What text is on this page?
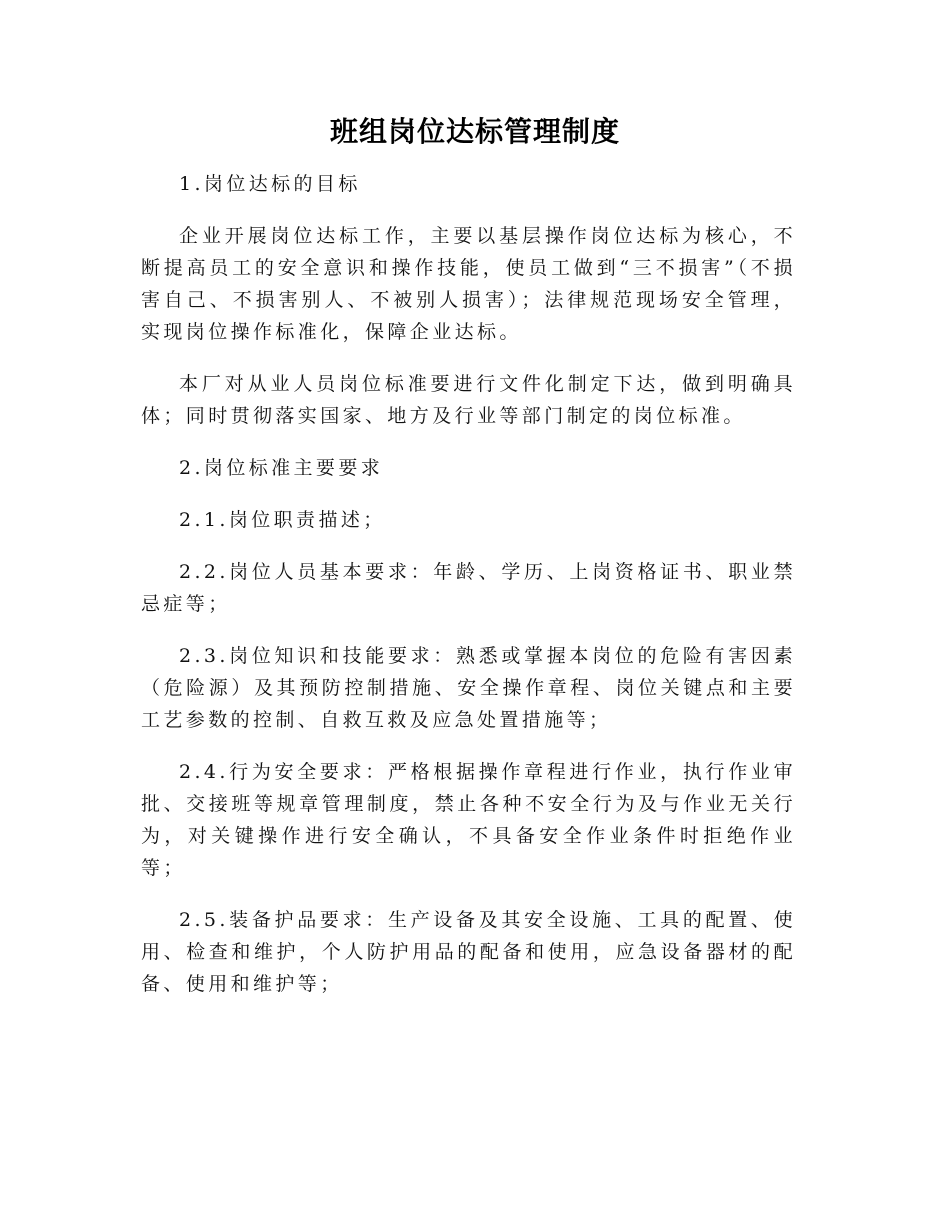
班组岗位达标管理制度

1.岗位达标的目标

企业开展岗位达标工作，主要以基层操作岗位达标为核心，不断提高员工的安全意识和操作技能，使员工做到“三不损害”（不损害自己、不损害别人、不被别人损害）；法律规范现场安全管理，实现岗位操作标准化，保障企业达标。

本厂对从业人员岗位标准要进行文件化制定下达，做到明确具体；同时贯彻落实国家、地方及行业等部门制定的岗位标准。

2.岗位标准主要要求

2.1.岗位职责描述；

2.2.岗位人员基本要求：年龄、学历、上岗资格证书、职业禁忌症等；

2.3.岗位知识和技能要求：熟悉或掌握本岗位的危险有害因素（危险源）及其预防控制措施、安全操作章程、岗位关键点和主要工艺参数的控制、自救互救及应急处置措施等；

2.4.行为安全要求：严格根据操作章程进行作业，执行作业审批、交接班等规章管理制度，禁止各种不安全行为及与作业无关行为，对关键操作进行安全确认，不具备安全作业条件时拒绝作业等；

2.5.装备护品要求：生产设备及其安全设施、工具的配置、使用、检查和维护，个人防护用品的配备和使用，应急设备器材的配备、使用和维护等；
